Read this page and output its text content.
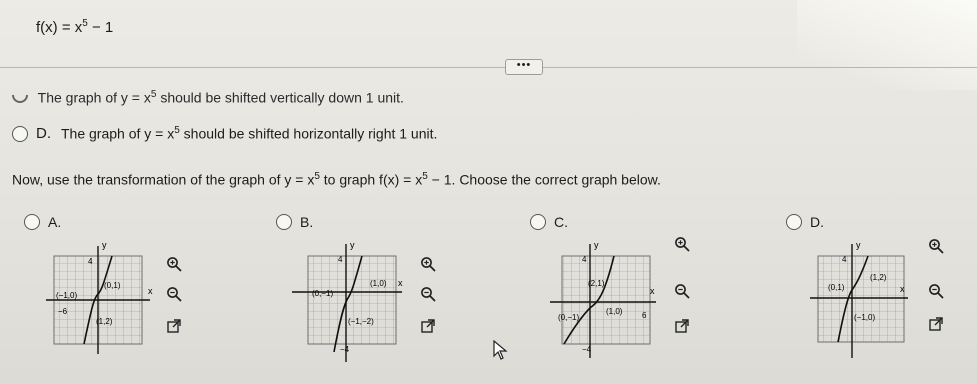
$f(x) = x^5 - 1$
•••
The graph of $y = x^5$ should be shifted vertically down 1 unit.
D. The graph of $y = x^5$ should be shifted horizontally right 1 unit.
Now, use the transformation of the graph of $y = x^5$ to graph $f(x) = x^5 - 1$. Choose the correct graph below.
A.	B.	C.	D.
y
x
4
−6
(−1,0)
(0,1)
(1,2)
y
x
4
−4
(0,−1)
(1,0)
(−1,−2)
y
x
4
−4
6
(2,1)
(1,0)
(0,−1)
y
x
4
(0,1)
(1,2)
(−1,0)
